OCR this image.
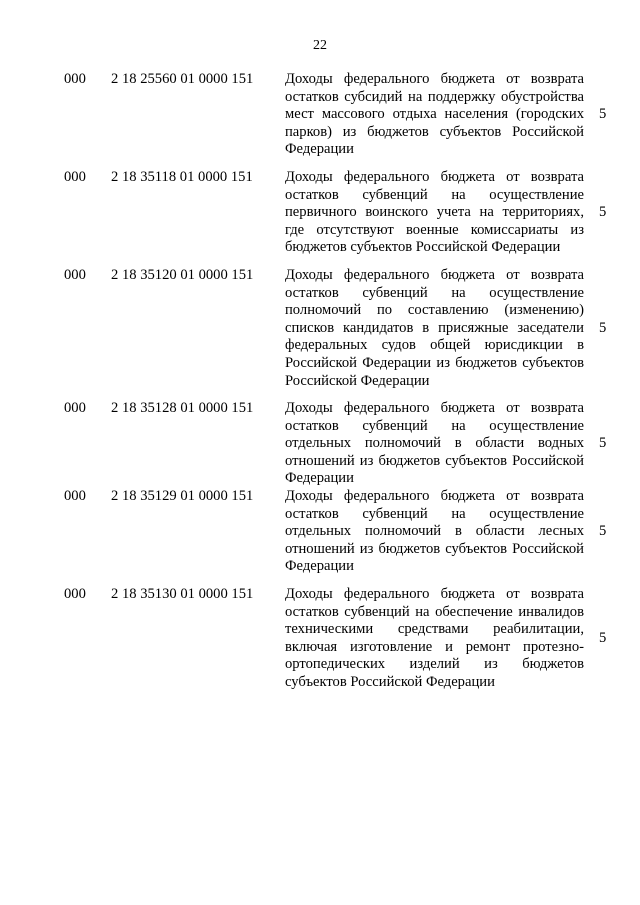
22
000 2 18 25560 01 0000 151 Доходы федерального бюджета от возврата остатков субсидий на поддержку обустройства мест массового отдыха населения (городских парков) из бюджетов субъектов Российской Федерации
5
000 2 18 35118 01 0000 151 Доходы федерального бюджета от возврата остатков субвенций на осуществление первичного воинского учета на территориях, где отсутствуют военные комиссариаты из бюджетов субъектов Российской Федерации
5
000 2 18 35120 01 0000 151 Доходы федерального бюджета от возврата остатков субвенций на осуществление полномочий по составлению (изменению) списков кандидатов в присяжные заседатели федеральных судов общей юрисдикции в Российской Федерации из бюджетов субъектов Российской Федерации
5
000 2 18 35128 01 0000 151 Доходы федерального бюджета от возврата остатков субвенций на осуществление отдельных полномочий в области водных отношений из бюджетов субъектов Российской Федерации
5
000 2 18 35129 01 0000 151 Доходы федерального бюджета от возврата остатков субвенций на осуществление отдельных полномочий в области лесных отношений из бюджетов субъектов Российской Федерации
5
000 2 18 35130 01 0000 151 Доходы федерального бюджета от возврата остатков субвенций на обеспечение инвалидов техническими средствами реабилитации, включая изготовление и ремонт протезно-ортопедических изделий из бюджетов субъектов Российской Федерации
5
